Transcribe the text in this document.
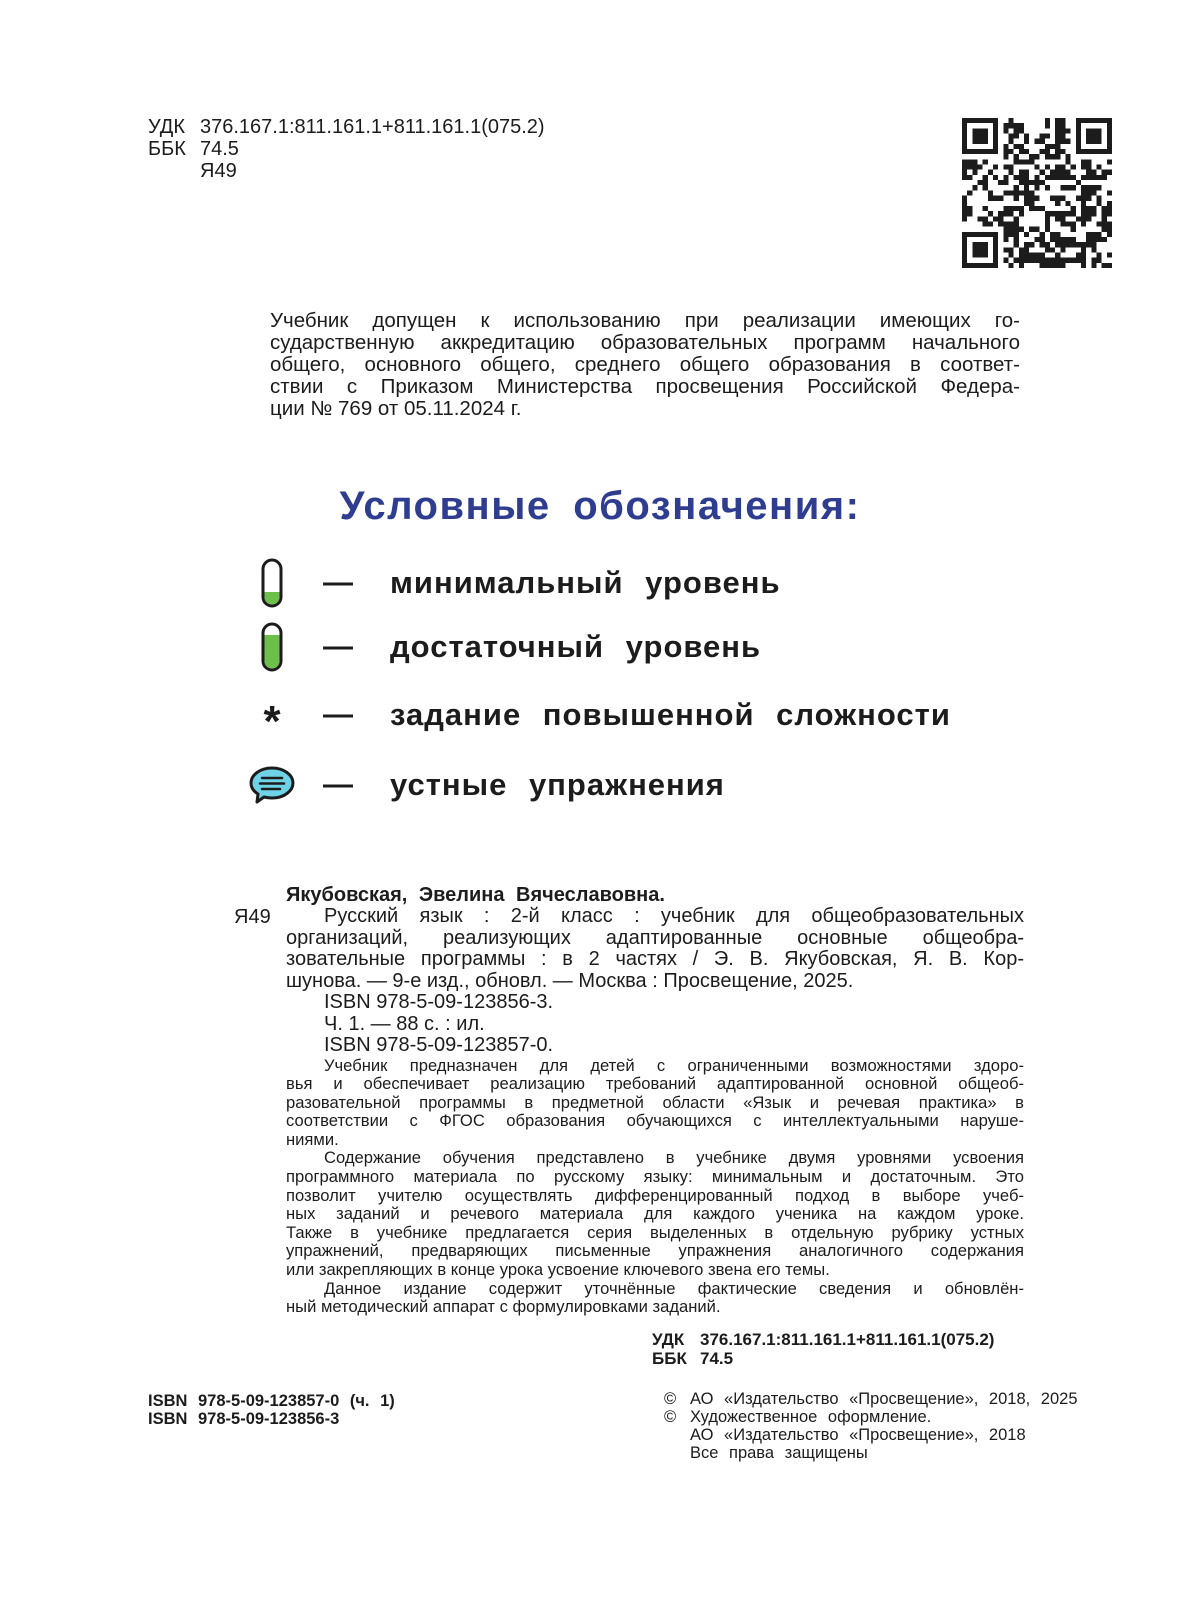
УДК 376.167.1:811.161.1+811.161.1(075.2)
ББК 74.5
Я49

Учебник допущен к использованию при реализации имеющих го-

сударственную аккредитацию образовательных программ начального

общего, основного общего, среднего общего образования в соответ-

ствии с Приказом Министерства просвещения Российской Федера-

ции № 769 от 05.11.2024 г.

Условные обозначения:
—	минимальный уровень
—	достаточный уровень
*	—	задание повышенной сложности
—	устные упражнения
Якубовская, Эвелина Вячеславовна.
Я49	Русский язык : 2-й класс : учебник для общеобразовательных

организаций, реализующих адаптированные основные общеобра-

зовательные программы : в 2 частях / Э. В. Якубовская, Я. В. Кор-

шунова. — 9-е изд., обновл. — Москва : Просвещение, 2025.

ISBN 978-5-09-123856-3.

Ч. 1. — 88 с. : ил.

ISBN 978-5-09-123857-0.

Учебник предназначен для детей с ограниченными возможностями здоро-

вья и обеспечивает реализацию требований адаптированной основной общеоб-

разовательной программы в предметной области «Язык и речевая практика» в

соответствии с ФГОС образования обучающихся с интеллектуальными наруше-

ниями.

Содержание обучения представлено в учебнике двумя уровнями усвоения

программного материала по русскому языку: минимальным и достаточным. Это

позволит учителю осуществлять дифференцированный подход в выборе учеб-

ных заданий и речевого материала для каждого ученика на каждом уроке.

Также в учебнике предлагается серия выделенных в отдельную рубрику устных

упражнений, предваряющих письменные упражнения аналогичного содержания

или закрепляющих в конце урока усвоение ключевого звена его темы.

Данное издание содержит уточнённые фактические сведения и обновлён-

ный методический аппарат с формулировками заданий.

УДК 376.167.1:811.161.1+811.161.1(075.2)
ББК 74.5
ISBN 978-5-09-123857-0 (ч. 1)
ISBN 978-5-09-123856-3
© АО «Издательство «Просвещение», 2018, 2025
© Художественное оформление.
АО «Издательство «Просвещение», 2018
Все права защищены
